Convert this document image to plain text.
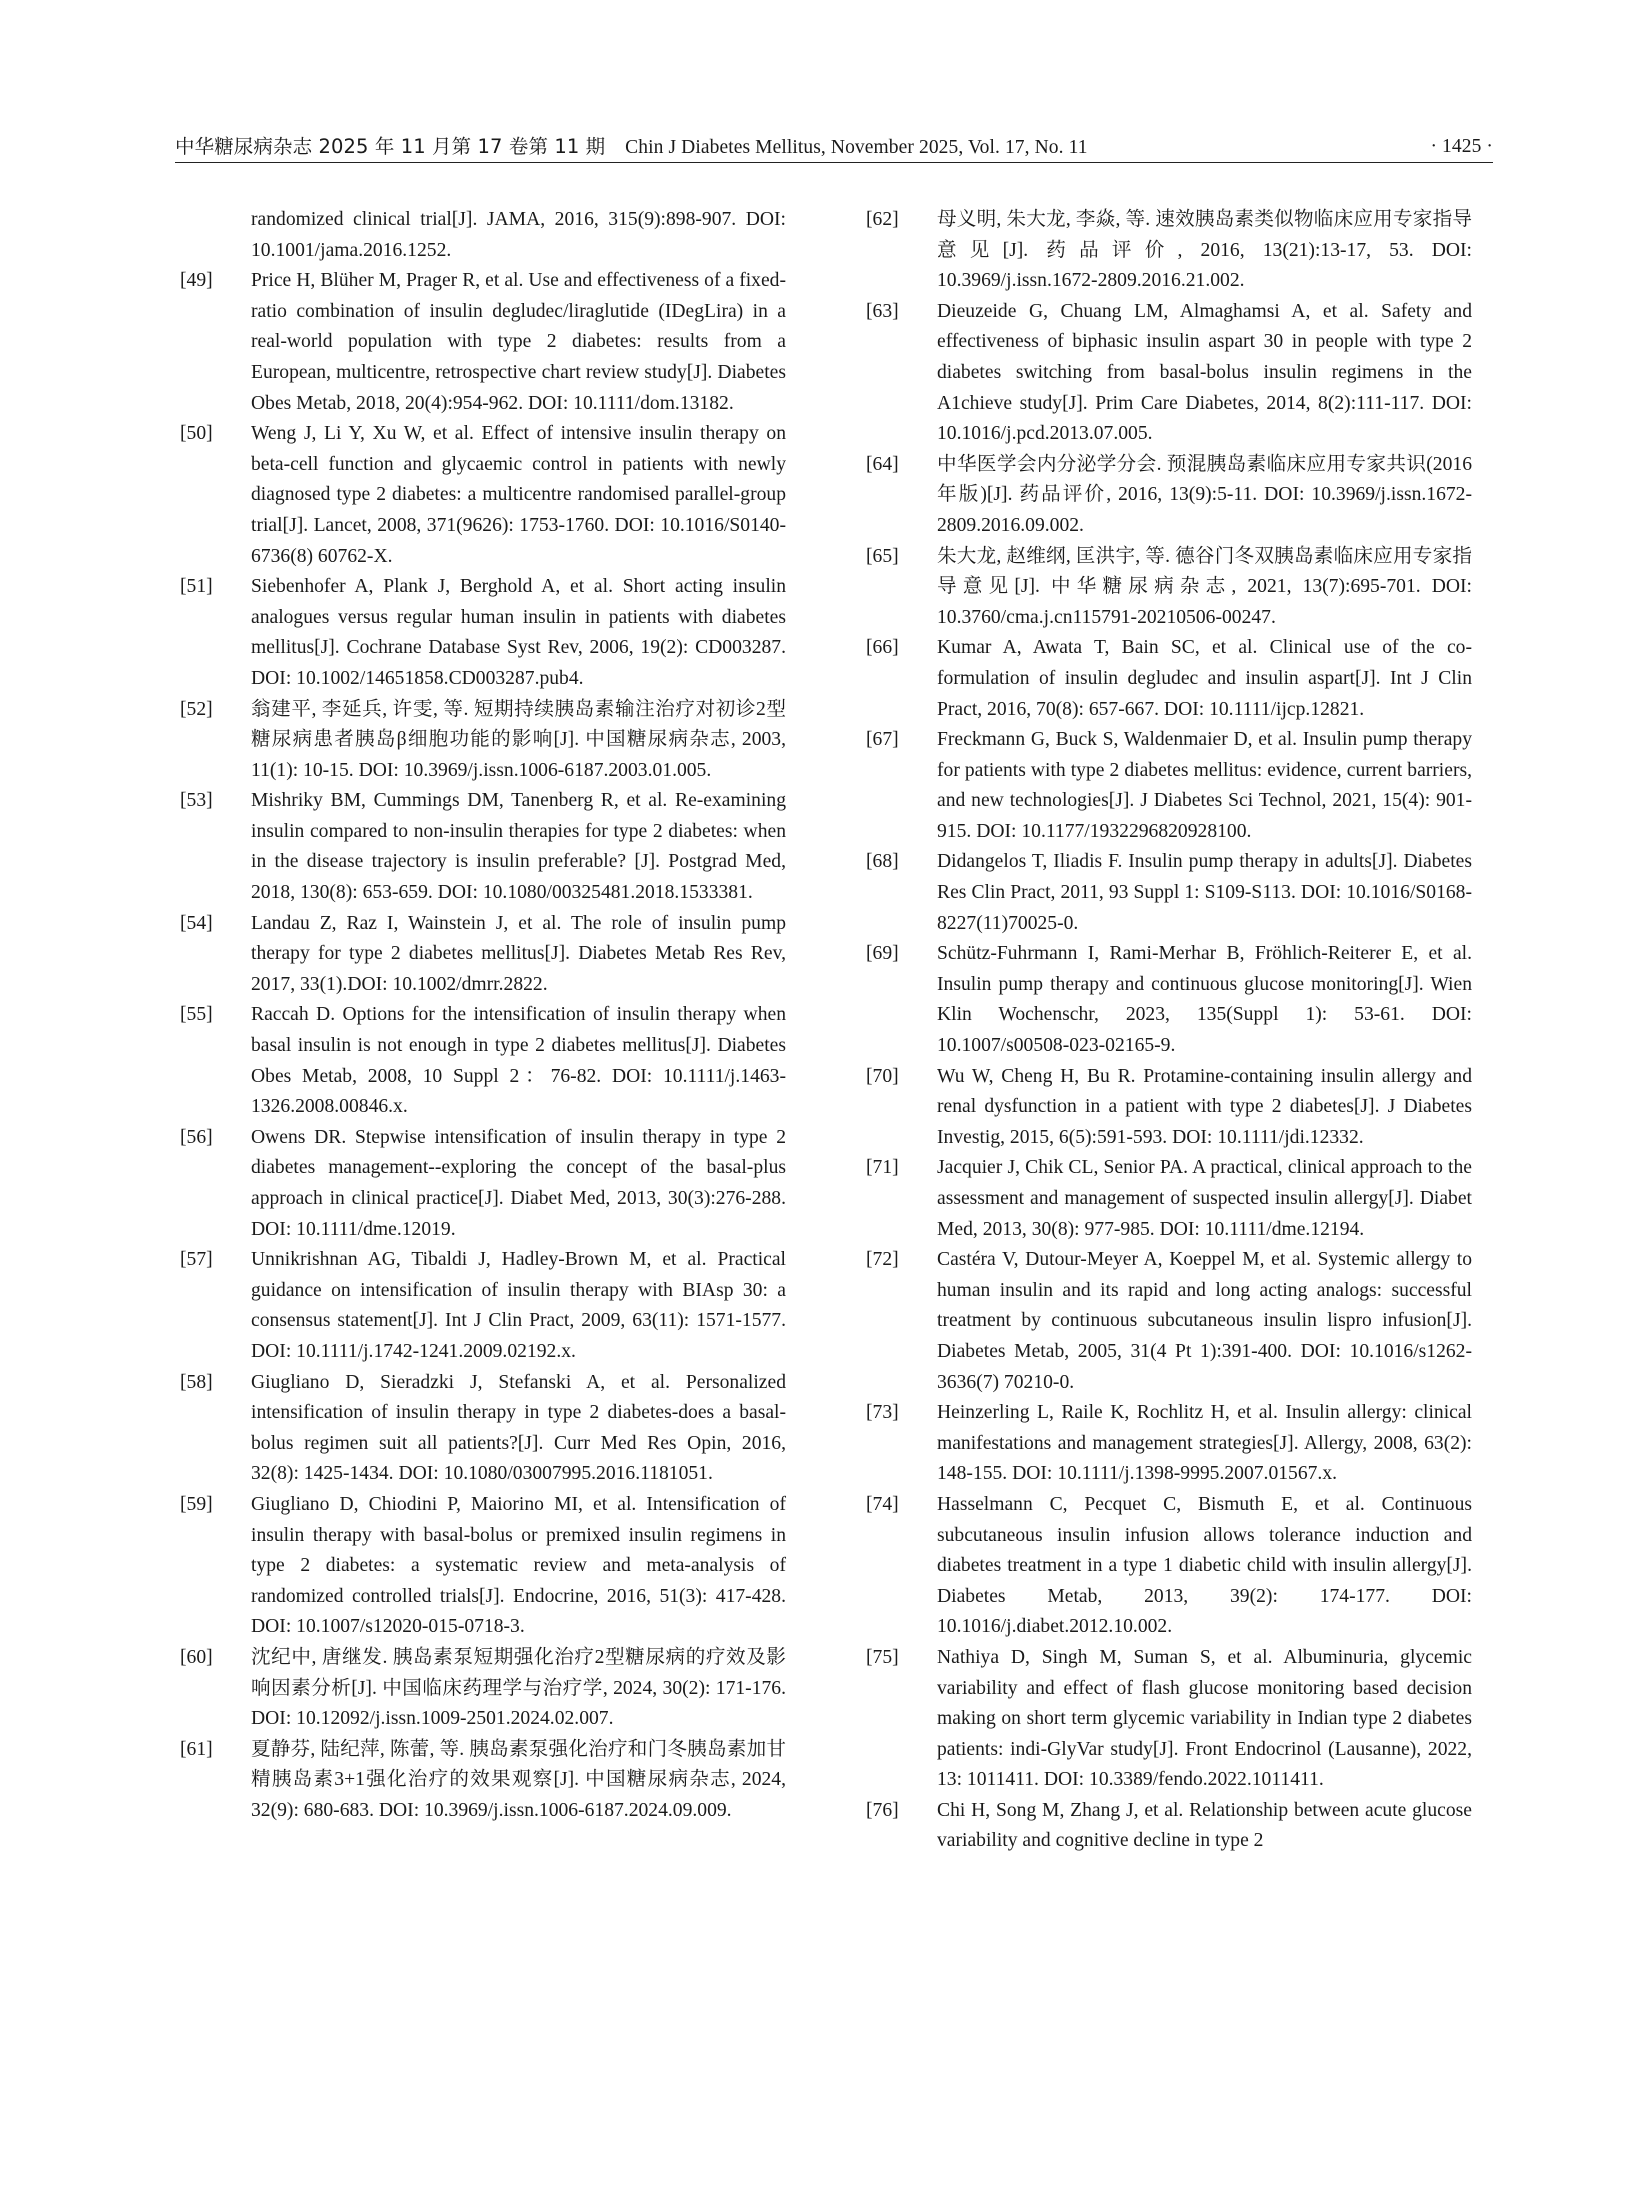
中华糖尿病杂志 2025 年 11 月第 17 卷第 11 期 Chin J Diabetes Mellitus, November 2025, Vol. 17, No. 11	· 1425 ·

randomized clinical trial[J]. JAMA, 2016, 315(9):898-907. DOI: 10.1001/jama.2016.1252.

[49] Price H, Blüher M, Prager R, et al. Use and effectiveness of a fixed-ratio combination of insulin degludec/liraglutide (IDegLira) in a real-world population with type 2 diabetes: results from a European, multicentre, retrospective chart review study[J]. Diabetes Obes Metab, 2018, 20(4):954-962. DOI: 10.1111/dom.13182.

[50] Weng J, Li Y, Xu W, et al. Effect of intensive insulin therapy on beta-cell function and glycaemic control in patients with newly diagnosed type 2 diabetes: a multicentre randomised parallel-group trial[J]. Lancet, 2008, 371(9626): 1753-1760. DOI: 10.1016/S0140-6736(8) 60762-X.

[51] Siebenhofer A, Plank J, Berghold A, et al. Short acting insulin analogues versus regular human insulin in patients with diabetes mellitus[J]. Cochrane Database Syst Rev, 2006, 19(2): CD003287. DOI: 10.1002/14651858.CD003287.pub4.

[52] 翁建平, 李延兵, 许雯, 等. 短期持续胰岛素输注治疗对初诊2型糖尿病患者胰岛β细胞功能的影响[J]. 中国糖尿病杂志, 2003, 11(1): 10-15. DOI: 10.3969/j.issn.1006-6187.2003.01.005.

[53] Mishriky BM, Cummings DM, Tanenberg R, et al. Re-examining insulin compared to non-insulin therapies for type 2 diabetes: when in the disease trajectory is insulin preferable? [J]. Postgrad Med, 2018, 130(8): 653-659. DOI: 10.1080/00325481.2018.1533381.

[54] Landau Z, Raz I, Wainstein J, et al. The role of insulin pump therapy for type 2 diabetes mellitus[J]. Diabetes Metab Res Rev, 2017, 33(1).DOI: 10.1002/dmrr.2822.

[55] Raccah D. Options for the intensification of insulin therapy when basal insulin is not enough in type 2 diabetes mellitus[J]. Diabetes Obes Metab, 2008, 10 Suppl 2：76-82. DOI: 10.1111/j.1463-1326.2008.00846.x.

[56] Owens DR. Stepwise intensification of insulin therapy in type 2 diabetes management--exploring the concept of the basal-plus approach in clinical practice[J]. Diabet Med, 2013, 30(3):276-288. DOI: 10.1111/dme.12019.

[57] Unnikrishnan AG, Tibaldi J, Hadley-Brown M, et al. Practical guidance on intensification of insulin therapy with BIAsp 30: a consensus statement[J]. Int J Clin Pract, 2009, 63(11): 1571-1577. DOI: 10.1111/j.1742-1241.2009.02192.x.

[58] Giugliano D, Sieradzki J, Stefanski A, et al. Personalized intensification of insulin therapy in type 2 diabetes-does a basal-bolus regimen suit all patients?[J]. Curr Med Res Opin, 2016, 32(8): 1425-1434. DOI: 10.1080/03007995.2016.1181051.

[59] Giugliano D, Chiodini P, Maiorino MI, et al. Intensification of insulin therapy with basal-bolus or premixed insulin regimens in type 2 diabetes: a systematic review and meta-analysis of randomized controlled trials[J]. Endocrine, 2016, 51(3): 417-428. DOI: 10.1007/s12020-015-0718-3.

[60] 沈纪中, 唐继发. 胰岛素泵短期强化治疗2型糖尿病的疗效及影响因素分析[J]. 中国临床药理学与治疗学, 2024, 30(2): 171-176. DOI: 10.12092/j.issn.1009-2501.2024.02.007.

[61] 夏静芬, 陆纪萍, 陈蕾, 等. 胰岛素泵强化治疗和门冬胰岛素加甘精胰岛素3+1强化治疗的效果观察[J]. 中国糖尿病杂志, 2024, 32(9): 680-683. DOI: 10.3969/j.issn.1006-6187.2024.09.009.

[62] 母义明, 朱大龙, 李焱, 等. 速效胰岛素类似物临床应用专家指导意见[J]. 药品评价, 2016, 13(21):13-17, 53. DOI: 10.3969/j.issn.1672-2809.2016.21.002.

[63] Dieuzeide G, Chuang LM, Almaghamsi A, et al. Safety and effectiveness of biphasic insulin aspart 30 in people with type 2 diabetes switching from basal-bolus insulin regimens in the A1chieve study[J]. Prim Care Diabetes, 2014, 8(2):111-117. DOI: 10.1016/j.pcd.2013.07.005.

[64] 中华医学会内分泌学分会. 预混胰岛素临床应用专家共识(2016年版)[J]. 药品评价, 2016, 13(9):5-11. DOI: 10.3969/j.issn.1672-2809.2016.09.002.

[65] 朱大龙, 赵维纲, 匡洪宇, 等. 德谷门冬双胰岛素临床应用专家指导意见[J]. 中华糖尿病杂志, 2021, 13(7):695-701. DOI: 10.3760/cma.j.cn115791-20210506-00247.

[66] Kumar A, Awata T, Bain SC, et al. Clinical use of the co-formulation of insulin degludec and insulin aspart[J]. Int J Clin Pract, 2016, 70(8): 657-667. DOI: 10.1111/ijcp.12821.

[67] Freckmann G, Buck S, Waldenmaier D, et al. Insulin pump therapy for patients with type 2 diabetes mellitus: evidence, current barriers, and new technologies[J]. J Diabetes Sci Technol, 2021, 15(4): 901-915. DOI: 10.1177/1932296820928100.

[68] Didangelos T, Iliadis F. Insulin pump therapy in adults[J]. Diabetes Res Clin Pract, 2011, 93 Suppl 1: S109-S113. DOI: 10.1016/S0168-8227(11)70025-0.

[69] Schütz-Fuhrmann I, Rami-Merhar B, Fröhlich-Reiterer E, et al. Insulin pump therapy and continuous glucose monitoring[J]. Wien Klin Wochenschr, 2023, 135(Suppl 1): 53-61. DOI: 10.1007/s00508-023-02165-9.

[70] Wu W, Cheng H, Bu R. Protamine-containing insulin allergy and renal dysfunction in a patient with type 2 diabetes[J]. J Diabetes Investig, 2015, 6(5):591-593. DOI: 10.1111/jdi.12332.

[71] Jacquier J, Chik CL, Senior PA. A practical, clinical approach to the assessment and management of suspected insulin allergy[J]. Diabet Med, 2013, 30(8): 977-985. DOI: 10.1111/dme.12194.

[72] Castéra V, Dutour-Meyer A, Koeppel M, et al. Systemic allergy to human insulin and its rapid and long acting analogs: successful treatment by continuous subcutaneous insulin lispro infusion[J]. Diabetes Metab, 2005, 31(4 Pt 1):391-400. DOI: 10.1016/s1262-3636(7) 70210-0.

[73] Heinzerling L, Raile K, Rochlitz H, et al. Insulin allergy: clinical manifestations and management strategies[J]. Allergy, 2008, 63(2): 148-155. DOI: 10.1111/j.1398-9995.2007.01567.x.

[74] Hasselmann C, Pecquet C, Bismuth E, et al. Continuous subcutaneous insulin infusion allows tolerance induction and diabetes treatment in a type 1 diabetic child with insulin allergy[J]. Diabetes Metab, 2013, 39(2): 174-177. DOI: 10.1016/j.diabet.2012.10.002.

[75] Nathiya D, Singh M, Suman S, et al. Albuminuria, glycemic variability and effect of flash glucose monitoring based decision making on short term glycemic variability in Indian type 2 diabetes patients: indi-GlyVar study[J]. Front Endocrinol (Lausanne), 2022, 13: 1011411. DOI: 10.3389/fendo.2022.1011411.

[76] Chi H, Song M, Zhang J, et al. Relationship between acute glucose variability and cognitive decline in type 2
